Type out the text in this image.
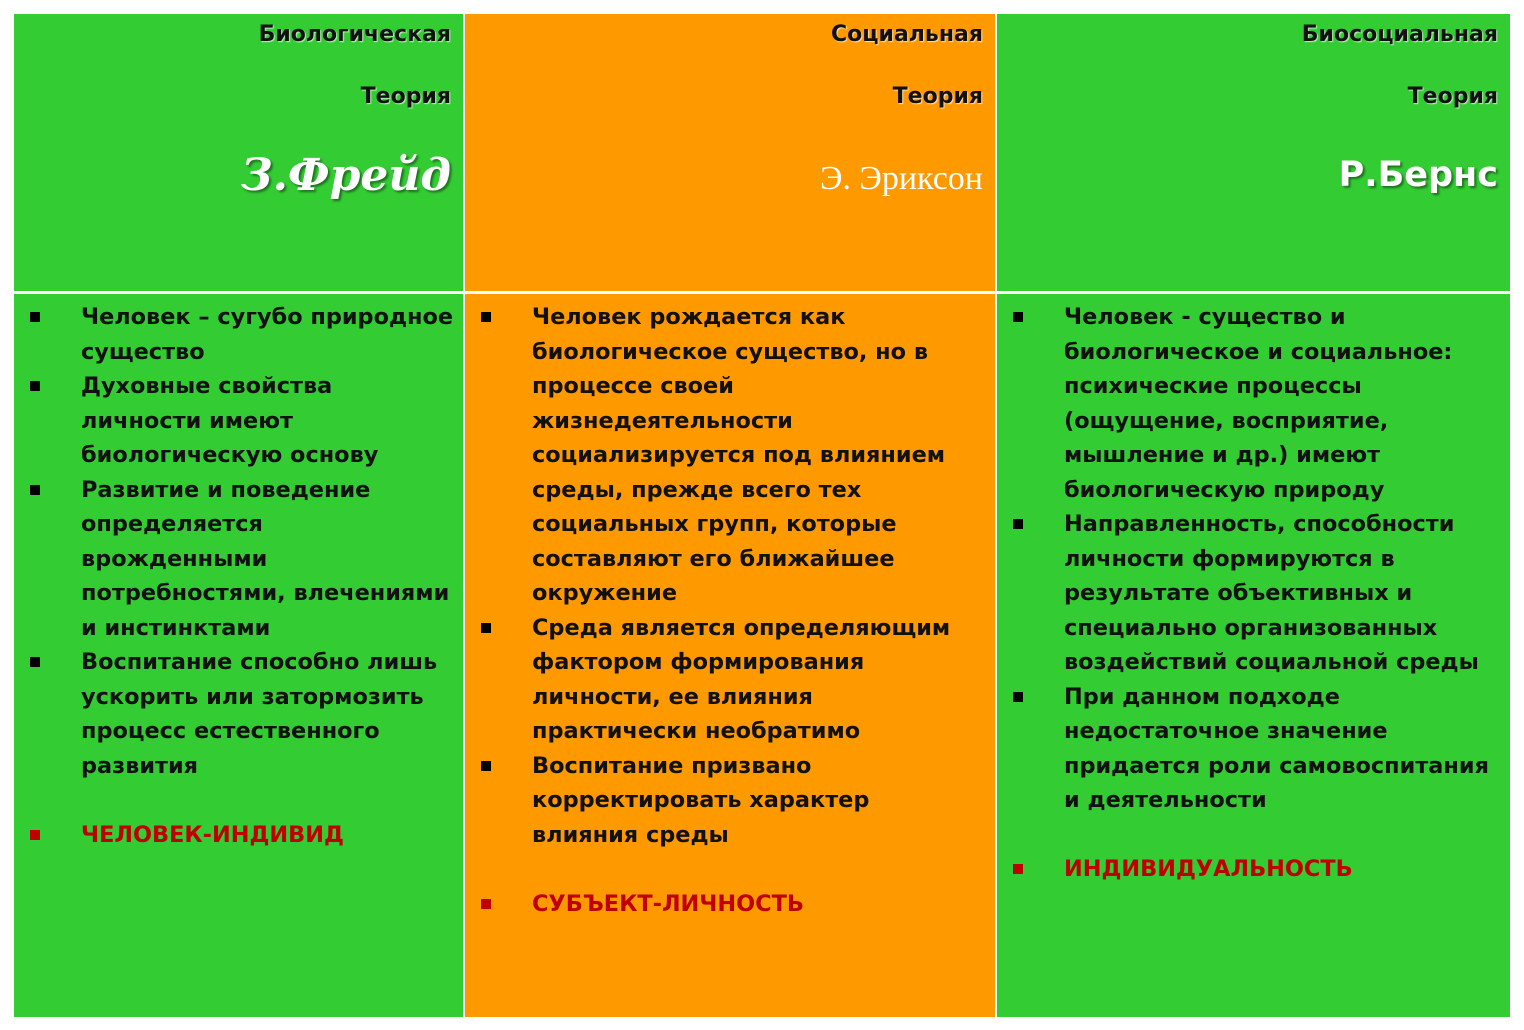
Биологическая
Теория
З.Фрейд
Социальная
Теория
Э. Эриксон
Биосоциальная
Теория
Р.Бернс
Человек – сугубо природное существо
Духовные свойства личности имеют биологическую основу
Развитие и поведение определяется врожденными потребностями, влечениями и инстинктами
Воспитание способно лишь ускорить или затормозить процесс естественного развития
ЧЕЛОВЕК-ИНДИВИД
Человек рождается как биологическое существо, но в процессе своей жизнедеятельности социализируется под влиянием среды, прежде всего тех социальных групп, которые составляют его ближайшее окружение
Среда является определяющим фактором формирования личности, ее влияния практически необратимо
Воспитание призвано корректировать характер влияния среды
СУБЪЕКТ-ЛИЧНОСТЬ
Человек - существо и биологическое и социальное: психические процессы (ощущение, восприятие, мышление и др.) имеют биологическую природу
Направленность, способности личности формируются в результате объективных и специально организованных воздействий социальной среды
При данном подходе недостаточное значение придается роли самовоспитания и деятельности
ИНДИВИДУАЛЬНОСТЬ
